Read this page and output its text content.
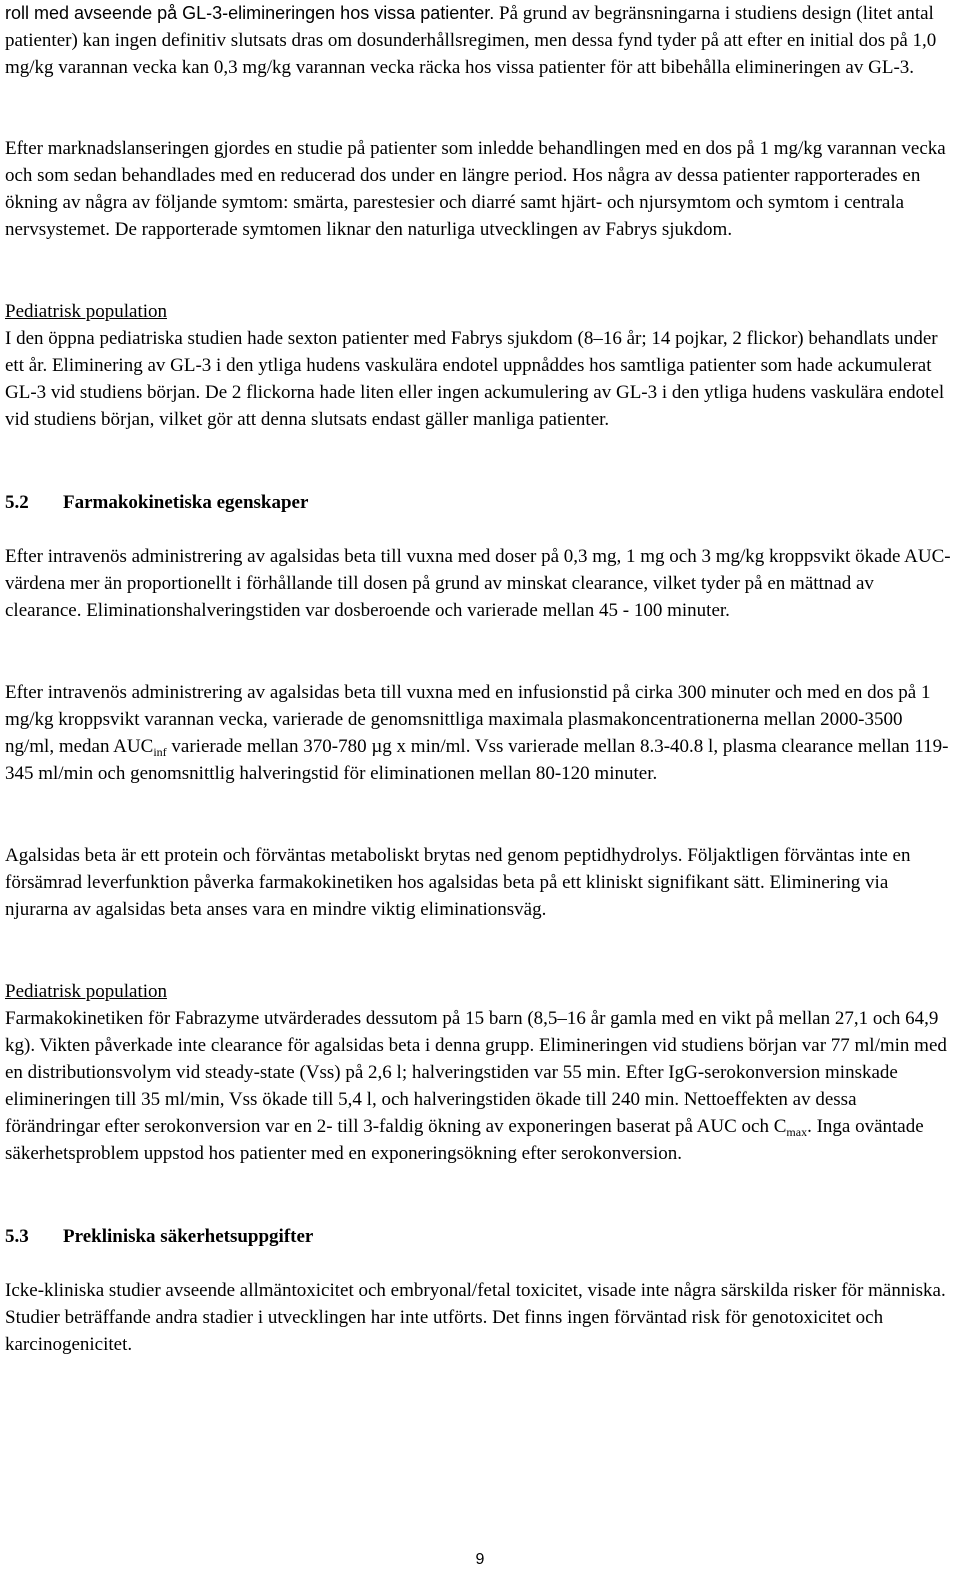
roll med avseende på GL-3-elimineringen hos vissa patienter. På grund av begränsningarna i studiens design (litet antal patienter) kan ingen definitiv slutsats dras om dosunderhållsregimen, men dessa fynd tyder på att efter en initial dos på 1,0 mg/kg varannan vecka kan 0,3 mg/kg varannan vecka räcka hos vissa patienter för att bibehålla elimineringen av GL-3.

Efter marknadslanseringen gjordes en studie på patienter som inledde behandlingen med en dos på 1 mg/kg varannan vecka och som sedan behandlades med en reducerad dos under en längre period. Hos några av dessa patienter rapporterades en ökning av några av följande symtom: smärta, parestesier och diarré samt hjärt- och njursymtom och symtom i centrala nervsystemet. De rapporterade symtomen liknar den naturliga utvecklingen av Fabrys sjukdom.

Pediatrisk population

I den öppna pediatriska studien hade sexton patienter med Fabrys sjukdom (8–16 år; 14 pojkar, 2 flickor) behandlats under ett år. Eliminering av GL-3 i den ytliga hudens vaskulära endotel uppnåddes hos samtliga patienter som hade ackumulerat GL-3 vid studiens början. De 2 flickorna hade liten eller ingen ackumulering av GL-3 i den ytliga hudens vaskulära endotel vid studiens början, vilket gör att denna slutsats endast gäller manliga patienter.

5.2	Farmakokinetiska egenskaper

Efter intravenös administrering av agalsidas beta till vuxna med doser på 0,3 mg, 1 mg och 3 mg/kg kroppsvikt ökade AUC-värdena mer än proportionellt i förhållande till dosen på grund av minskat clearance, vilket tyder på en mättnad av clearance. Eliminationshalveringstiden var dosberoende och varierade mellan 45 - 100 minuter.

Efter intravenös administrering av agalsidas beta till vuxna med en infusionstid på cirka 300 minuter och med en dos på 1 mg/kg kroppsvikt varannan vecka, varierade de genomsnittliga maximala plasmakoncentrationerna mellan 2000-3500 ng/ml, medan $AUC_{inf}$ varierade mellan 370-780 µg x min/ml. Vss varierade mellan 8.3-40.8 l, plasma clearance mellan 119-345 ml/min och genomsnittlig halveringstid för eliminationen mellan 80-120 minuter.

Agalsidas beta är ett protein och förväntas metaboliskt brytas ned genom peptidhydrolys. Följaktligen förväntas inte en försämrad leverfunktion påverka farmakokinetiken hos agalsidas beta på ett kliniskt signifikant sätt. Eliminering via njurarna av agalsidas beta anses vara en mindre viktig eliminationsväg.

Pediatrisk population

Farmakokinetiken för Fabrazyme utvärderades dessutom på 15 barn (8,5–16 år gamla med en vikt på mellan 27,1 och 64,9 kg). Vikten påverkade inte clearance för agalsidas beta i denna grupp. Elimineringen vid studiens början var 77 ml/min med en distributionsvolym vid steady-state (Vss) på 2,6 l; halveringstiden var 55 min. Efter IgG-serokonversion minskade elimineringen till 35 ml/min, Vss ökade till 5,4 l, och halveringstiden ökade till 240 min. Nettoeffekten av dessa förändringar efter serokonversion var en 2- till 3-faldig ökning av exponeringen baserat på AUC och $C_{max}$. Inga oväntade säkerhetsproblem uppstod hos patienter med en exponeringsökning efter serokonversion.

5.3	Prekliniska säkerhetsuppgifter

Icke-kliniska studier avseende allmäntoxicitet och embryonal/fetal toxicitet, visade inte några särskilda risker för människa. Studier beträffande andra stadier i utvecklingen har inte utförts. Det finns ingen förväntad risk för genotoxicitet och karcinogenicitet.

9
